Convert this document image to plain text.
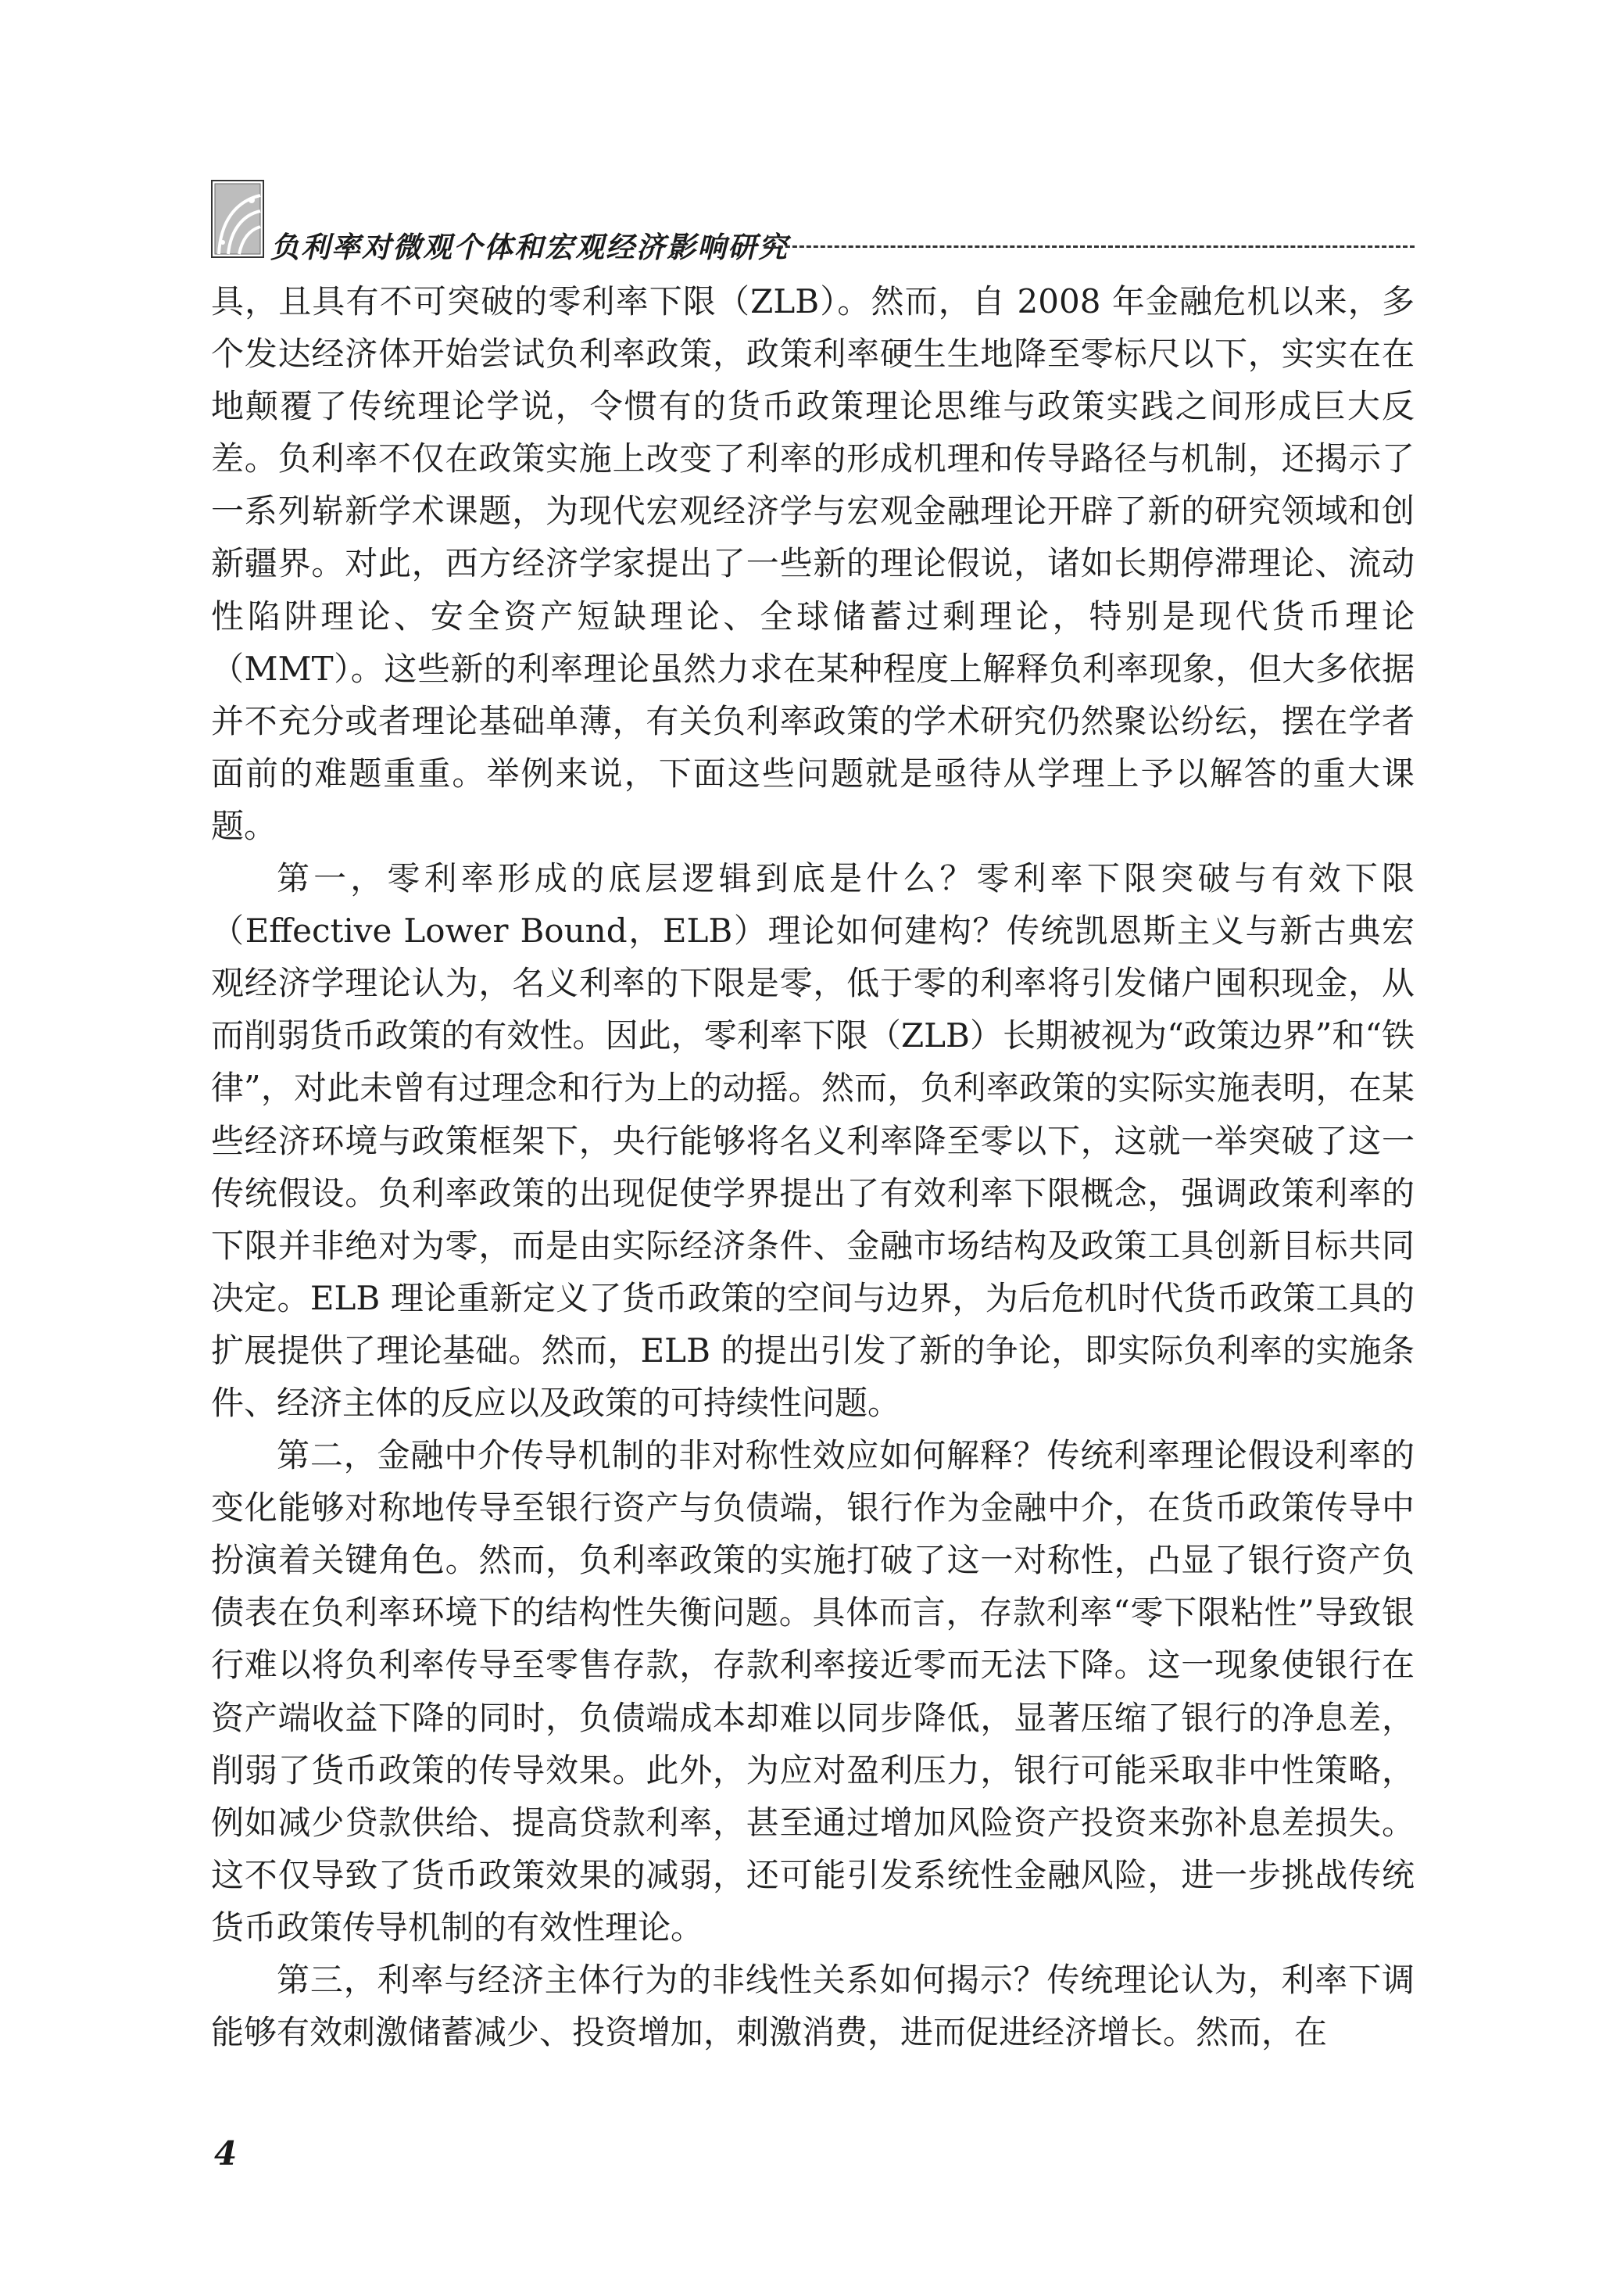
负利率对微观个体和宏观经济影响研究

具，且具有不可突破的零利率下限（ZLB）。然而，自 2008 年金融危机以来，多个发达经济体开始尝试负利率政策，政策利率硬生生地降至零标尺以下，实实在在地颠覆了传统理论学说，令惯有的货币政策理论思维与政策实践之间形成巨大反差。负利率不仅在政策实施上改变了利率的形成机理和传导路径与机制，还揭示了一系列崭新学术课题，为现代宏观经济学与宏观金融理论开辟了新的研究领域和创新疆界。对此，西方经济学家提出了一些新的理论假说，诸如长期停滞理论、流动性陷阱理论、安全资产短缺理论、全球储蓄过剩理论，特别是现代货币理论（MMT）。这些新的利率理论虽然力求在某种程度上解释负利率现象，但大多依据并不充分或者理论基础单薄，有关负利率政策的学术研究仍然聚讼纷纭，摆在学者面前的难题重重。举例来说，下面这些问题就是亟待从学理上予以解答的重大课题。

第一，零利率形成的底层逻辑到底是什么？零利率下限突破与有效下限（Effective Lower Bound，ELB）理论如何建构？传统凯恩斯主义与新古典宏观经济学理论认为，名义利率的下限是零，低于零的利率将引发储户囤积现金，从而削弱货币政策的有效性。因此，零利率下限（ZLB）长期被视为“政策边界”和“铁律”，对此未曾有过理念和行为上的动摇。然而，负利率政策的实际实施表明，在某些经济环境与政策框架下，央行能够将名义利率降至零以下，这就一举突破了这一传统假设。负利率政策的出现促使学界提出了有效利率下限概念，强调政策利率的下限并非绝对为零，而是由实际经济条件、金融市场结构及政策工具创新目标共同决定。ELB 理论重新定义了货币政策的空间与边界，为后危机时代货币政策工具的扩展提供了理论基础。然而，ELB 的提出引发了新的争论，即实际负利率的实施条件、经济主体的反应以及政策的可持续性问题。

第二，金融中介传导机制的非对称性效应如何解释？传统利率理论假设利率的变化能够对称地传导至银行资产与负债端，银行作为金融中介，在货币政策传导中扮演着关键角色。然而，负利率政策的实施打破了这一对称性，凸显了银行资产负债表在负利率环境下的结构性失衡问题。具体而言，存款利率“零下限粘性”导致银行难以将负利率传导至零售存款，存款利率接近零而无法下降。这一现象使银行在资产端收益下降的同时，负债端成本却难以同步降低，显著压缩了银行的净息差，削弱了货币政策的传导效果。此外，为应对盈利压力，银行可能采取非中性策略，例如减少贷款供给、提高贷款利率，甚至通过增加风险资产投资来弥补息差损失。这不仅导致了货币政策效果的减弱，还可能引发系统性金融风险，进一步挑战传统货币政策传导机制的有效性理论。

第三，利率与经济主体行为的非线性关系如何揭示？传统理论认为，利率下调能够有效刺激储蓄减少、投资增加，刺激消费，进而促进经济增长。然而，在

4
